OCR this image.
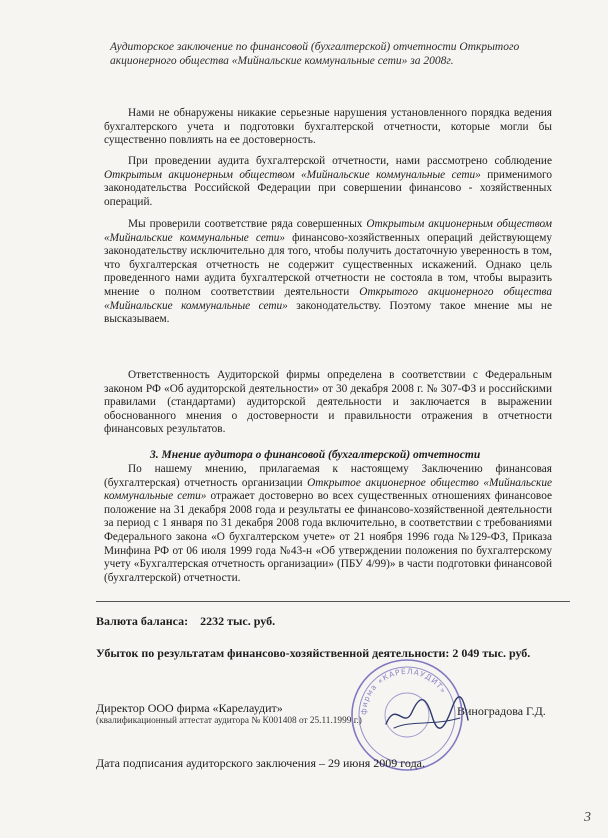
Аудиторское заключение по финансовой (бухгалтерской) отчетности Открытого акционерного общества «Мийнальские коммунальные сети» за 2008г.

Нами не обнаружены никакие серьезные нарушения установленного порядка ведения бухгалтерского учета и подготовки бухгалтерской отчетности, которые могли бы существенно повлиять на ее достоверность.

При проведении аудита бухгалтерской отчетности, нами рассмотрено соблюдение Открытым акционерным обществом «Мийнальские коммунальные сети» применимого законодательства Российской Федерации при совершении финансово - хозяйственных операций.

Мы проверили соответствие ряда совершенных Открытым акционерным обществом «Мийнальские коммунальные сети» финансово-хозяйственных операций действующему законодательству исключительно для того, чтобы получить достаточную уверенность в том, что бухгалтерская отчетность не содержит существенных искажений. Однако цель проведенного нами аудита бухгалтерской отчетности не состояла в том, чтобы выразить мнение о полном соответствии деятельности Открытого акционерного общества «Мийнальские коммунальные сети» законодательству. Поэтому такое мнение мы не высказываем.

Ответственность Аудиторской фирмы определена в соответствии с Федеральным законом РФ «Об аудиторской деятельности» от 30 декабря 2008 г. № 307-ФЗ и российскими правилами (стандартами) аудиторской деятельности и заключается в выражении обоснованного мнения о достоверности и правильности отражения в отчетности финансовых результатов.

3. Мнение аудитора о финансовой (бухгалтерской) отчетности

По нашему мнению, прилагаемая к настоящему Заключению финансовая (бухгалтерская) отчетность организации Открытое акционерное общество «Мийнальские коммунальные сети» отражает достоверно во всех существенных отношениях финансовое положение на 31 декабря 2008 года и результаты ее финансово-хозяйственной деятельности за период с 1 января по 31 декабря 2008 года включительно, в соответствии с требованиями Федерального закона «О бухгалтерском учете» от 21 ноября 1996 года №129-ФЗ, Приказа Минфина РФ от 06 июля 1999 года №43-н «Об утверждении положения по бухгалтерскому учету «Бухгалтерская отчетность организации» (ПБУ 4/99)» в части подготовки финансовой (бухгалтерской) отчетности.

Валюта баланса: 2232 тыс. руб.
Убыток по результатам финансово-хозяйственной деятельности: 2 049 тыс. руб.
Директор ООО фирма «Карелаудит»
(квалификационный аттестат аудитора № К001408 от 25.11.1999 г.)
Виноградова Г.Д.
фирма «КАРЕЛАУДИТ»
Дата подписания аудиторского заключения – 29 июня 2009 года.
3
